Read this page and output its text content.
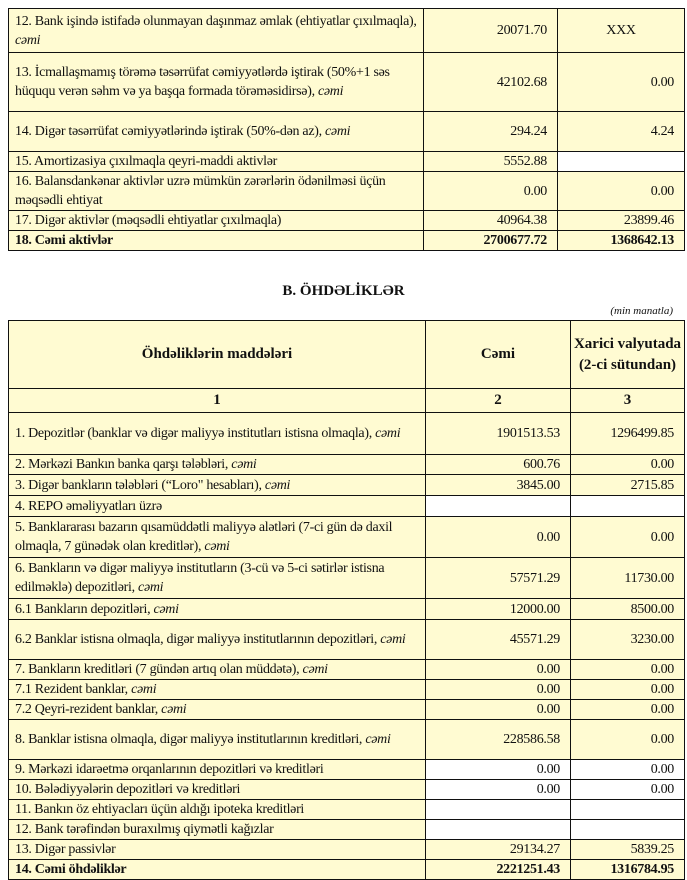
12. Bank işində istifadə olunmayan daşınmaz əmlak (ehtiyatlar çıxılmaqla), cəmi	20071.70	XXX
13. İcmallaşmamış törəmə təsərrüfat cəmiyyətlərdə iştirak (50%+1 səs hüququ verən səhm və ya başqa formada törəməsidirsə), cəmi	42102.68	0.00
14. Digər təsərrüfat cəmiyyətlərində iştirak (50%-dən az), cəmi	294.24	4.24
15. Amortizasiya çıxılmaqla qeyri-maddi aktivlər	5552.88	
16. Balansdankənar aktivlər uzrə mümkün zərərlərin ödənilməsi üçün məqsədli ehtiyat	0.00	0.00
17. Digər aktivlər (məqsədli ehtiyatlar çıxılmaqla)	40964.38	23899.46
18. Cəmi aktivlər	2700677.72	1368642.13
B. ÖHDƏLİKLƏR
(min manatla)
Öhdəliklərin maddələri	Cəmi	Xarici valyutada (2-ci sütundan)
1	2	3
1. Depozitlər (banklar və digər maliyyə institutları istisna olmaqla), cəmi	1901513.53	1296499.85
2. Mərkəzi Bankın banka qarşı tələbləri, cəmi	600.76	0.00
3. Digər bankların tələbləri (“Loro" hesabları), cəmi	3845.00	2715.85
4. REPO əməliyyatları üzrə		
5. Banklararası bazarın qısamüddətli maliyyə alətləri (7-ci gün də daxil olmaqla, 7 günədək olan kreditlər), cəmi	0.00	0.00
6. Bankların və digər maliyyə institutların (3-cü və 5-ci sətirlər istisna edilməklə) depozitləri, cəmi	57571.29	11730.00
6.1 Bankların depozitləri, cəmi	12000.00	8500.00
6.2 Banklar istisna olmaqla, digər maliyyə institutlarının depozitləri, cəmi	45571.29	3230.00
7. Bankların kreditləri (7 gündən artıq olan müddətə), cəmi	0.00	0.00
7.1 Rezident banklar, cəmi	0.00	0.00
7.2 Qeyri-rezident banklar, cəmi	0.00	0.00
8. Banklar istisna olmaqla, digər maliyyə institutlarının kreditləri, cəmi	228586.58	0.00
9. Mərkəzi idarəetmə orqanlarının depozitləri və kreditləri	0.00	0.00
10. Bələdiyyələrin depozitləri və kreditləri	0.00	0.00
11. Bankın öz ehtiyacları üçün aldığı ipoteka kreditləri		
12. Bank tərəfindən buraxılmış qiymətli kağızlar		
13. Digər passivlər	29134.27	5839.25
14. Cəmi öhdəliklər	2221251.43	1316784.95
